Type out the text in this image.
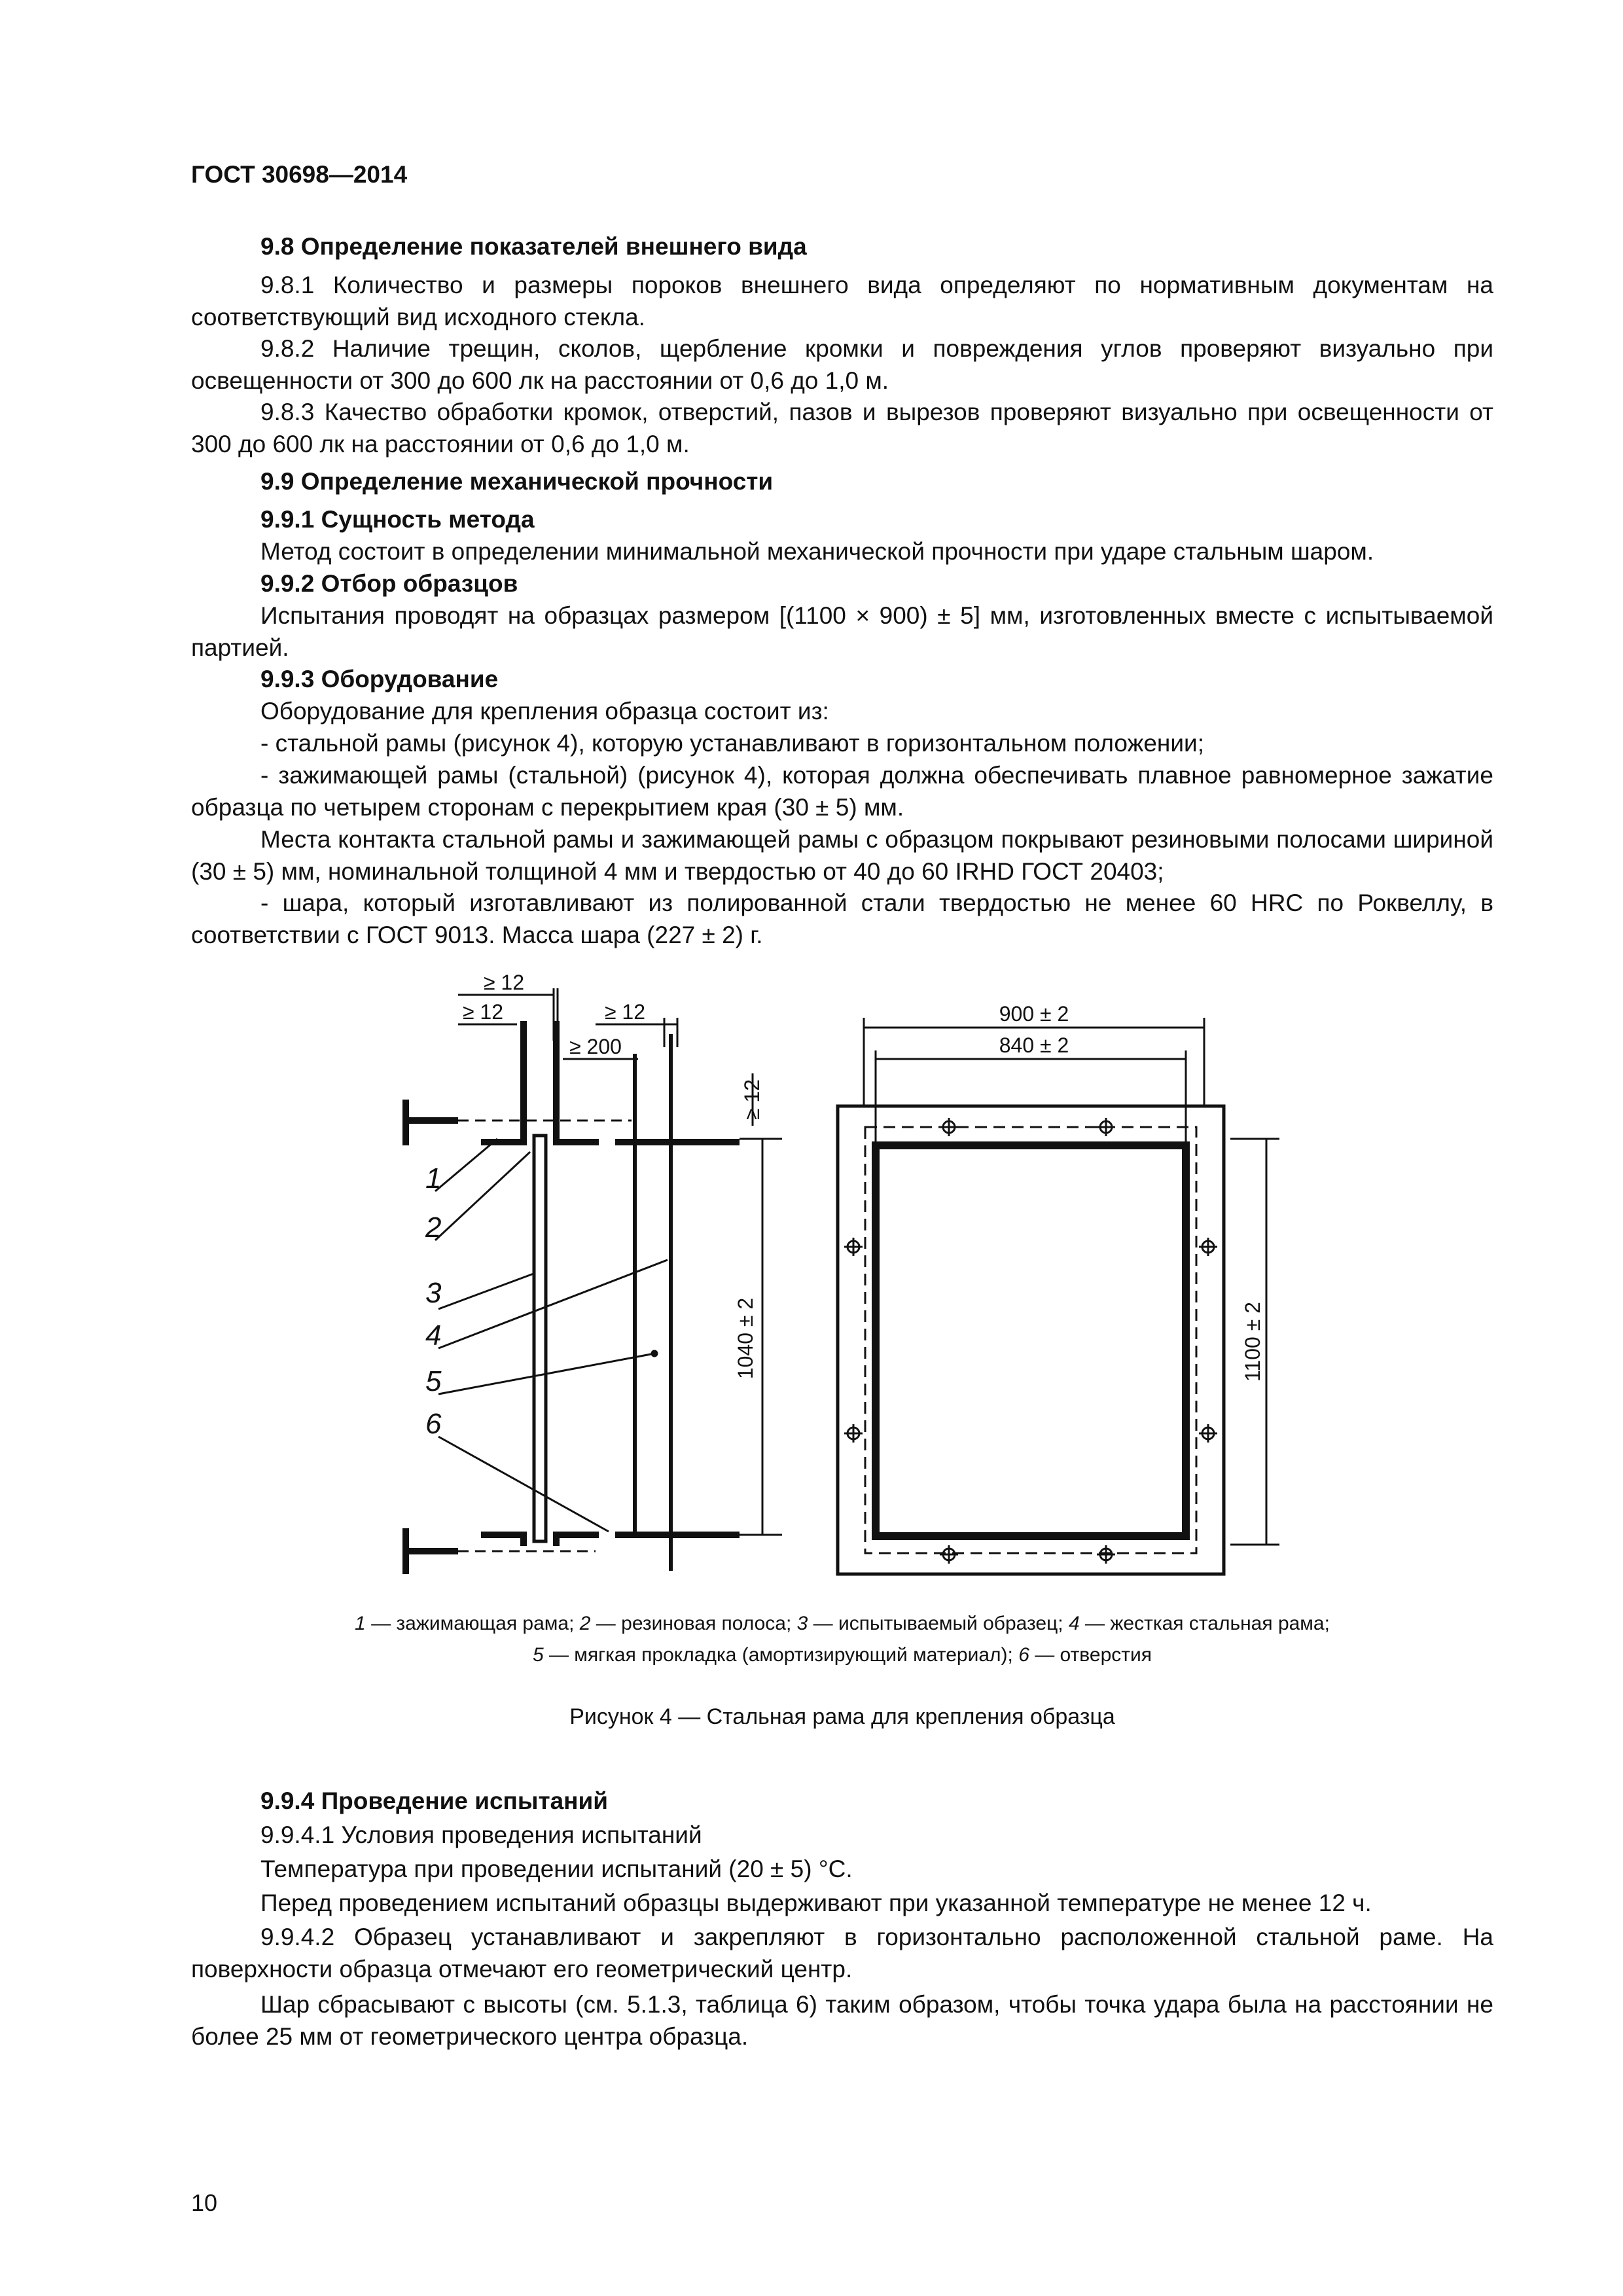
ГОСТ 30698—2014
9.8 Определение показателей внешнего вида
9.8.1 Количество и размеры пороков внешнего вида определяют по нормативным документам на соответствующий вид исходного стекла.
9.8.2 Наличие трещин, сколов, щербление кромки и повреждения углов проверяют визуально при освещенности от 300 до 600 лк на расстоянии от 0,6 до 1,0 м.
9.8.3 Качество обработки кромок, отверстий, пазов и вырезов проверяют визуально при освещенности от 300 до 600 лк на расстоянии от 0,6 до 1,0 м.
9.9 Определение механической прочности
9.9.1 Сущность метода
Метод состоит в определении минимальной механической прочности при ударе стальным шаром.
9.9.2 Отбор образцов
Испытания проводят на образцах размером [(1100 × 900) ± 5] мм, изготовленных вместе с испытываемой партией.
9.9.3 Оборудование
Оборудование для крепления образца состоит из:
- стальной рамы (рисунок 4), которую устанавливают в горизонтальном положении;
- зажимающей рамы (стальной) (рисунок 4), которая должна обеспечивать плавное равномерное зажатие образца по четырем сторонам с перекрытием края (30 ± 5) мм.
Места контакта стальной рамы и зажимающей рамы с образцом покрывают резиновыми полосами шириной (30 ± 5) мм, номинальной толщиной 4 мм и твердостью от 40 до 60 IRHD ГОСТ 20403;
- шара, который изготавливают из полированной стали твердостью не менее 60 HRC по Роквеллу, в соответствии с ГОСТ 9013. Масса шара (227 ± 2) г.
≥ 12
≥ 12	≥ 12
≥ 200
≥ 12
1040 ± 2
1
2
3
4
5
6
900 ± 2
840 ± 2
1100 ± 2
1 — зажимающая рама; 2 — резиновая полоса; 3 — испытываемый образец; 4 — жесткая стальная рама;
5 — мягкая прокладка (амортизирующий материал); 6 — отверстия
Рисунок 4 — Стальная рама для крепления образца
9.9.4 Проведение испытаний
9.9.4.1 Условия проведения испытаний
Температура при проведении испытаний (20 ± 5) °С.
Перед проведением испытаний образцы выдерживают при указанной температуре не менее 12 ч.
9.9.4.2 Образец устанавливают и закрепляют в горизонтально расположенной стальной раме. На поверхности образца отмечают его геометрический центр.
Шар сбрасывают с высоты (см. 5.1.3, таблица 6) таким образом, чтобы точка удара была на расстоянии не более 25 мм от геометрического центра образца.
10
